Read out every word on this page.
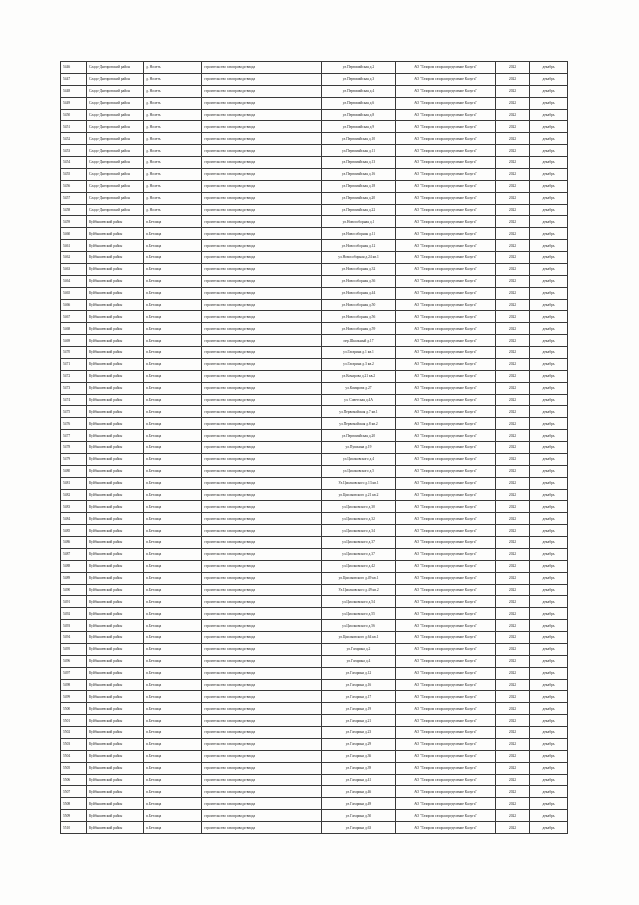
5446	Сладо-Днепровский район	д. Нолеть	строительство газопровода-ввода	ул.Первомайская д.2	АО "Газпром газораспределение Калуга"	2022	декабрь
5447	Сладо-Днепровский район	д. Нолеть	строительство газопровода-ввода	ул.Первомайская д.3	АО "Газпром газораспределение Калуга"	2022	декабрь
5448	Сладо-Днепровский район	д. Нолеть	строительство газопровода-ввода	ул.Первомайская д.4	АО "Газпром газораспределение Калуга"	2022	декабрь
5449	Сладо-Днепровский район	д. Нолеть	строительство газопровода-ввода	ул.Первомайская д.6	АО "Газпром газораспределение Калуга"	2022	декабрь
5450	Сладо-Днепровский район	д. Нолеть	строительство газопровода-ввода	ул.Первомайская д.8	АО "Газпром газораспределение Калуга"	2022	декабрь
5451	Сладо-Днепровский район	д. Нолеть	строительство газопровода-ввода	ул.Первомайская д.9	АО "Газпром газораспределение Калуга"	2022	декабрь
5452	Сладо-Днепровский район	д. Нолеть	строительство газопровода-ввода	ул.Первомайская д.10	АО "Газпром газораспределение Калуга"	2022	декабрь
5453	Сладо-Днепровский район	д. Нолеть	строительство газопровода-ввода	ул.Первомайская д.11	АО "Газпром газораспределение Калуга"	2022	декабрь
5454	Сладо-Днепровский район	д. Нолеть	строительство газопровода-ввода	ул.Первомайская д.13	АО "Газпром газораспределение Калуга"	2022	декабрь
5455	Сладо-Днепровский район	д. Нолеть	строительство газопровода-ввода	ул.Первомайская д.16	АО "Газпром газораспределение Калуга"	2022	декабрь
5456	Сладо-Днепровский район	д. Нолеть	строительство газопровода-ввода	ул.Первомайская д.18	АО "Газпром газораспределение Калуга"	2022	декабрь
5457	Сладо-Днепровский район	д. Нолеть	строительство газопровода-ввода	ул.Первомайская д.20	АО "Газпром газораспределение Калуга"	2022	декабрь
5458	Сладо-Днепровский район	д. Нолеть	строительство газопровода-ввода	ул.Первомайская д.22	АО "Газпром газораспределение Калуга"	2022	декабрь
5459	Куйбышевский район	п.Бетлица	строительство газопровода-ввода	ул.Новособорная д.1	АО "Газпром газораспределение Калуга"	2022	декабрь
5460	Куйбышевский район	п.Бетлица	строительство газопровода-ввода	ул.Новособорная д.11	АО "Газпром газораспределение Калуга"	2022	декабрь
5461	Куйбышевский район	п.Бетлица	строительство газопровода-ввода	ул.Новособорная д.12	АО "Газпром газораспределение Калуга"	2022	декабрь
5462	Куйбышевский район	п.Бетлица	строительство газопровода-ввода	ул.Новособорная д.24 кв.1	АО "Газпром газораспределение Калуга"	2022	декабрь
5463	Куйбышевский район	п.Бетлица	строительство газопровода-ввода	ул.Новособорная д.32	АО "Газпром газораспределение Калуга"	2022	декабрь
5464	Куйбышевский район	п.Бетлица	строительство газопровода-ввода	ул.Новособорная д.36	АО "Газпром газораспределение Калуга"	2022	декабрь
5465	Куйбышевский район	п.Бетлица	строительство газопровода-ввода	ул.Новособорная д.44	АО "Газпром газораспределение Калуга"	2022	декабрь
5466	Куйбышевский район	п.Бетлица	строительство газопровода-ввода	ул.Новособорная д.50	АО "Газпром газораспределение Калуга"	2022	декабрь
5467	Куйбышевский район	п.Бетлица	строительство газопровода-ввода	ул.Новособорная д.56	АО "Газпром газораспределение Калуга"	2022	декабрь
5468	Куйбышевский район	п.Бетлица	строительство газопровода-ввода	ул.Новособорная д.59	АО "Газпром газораспределение Калуга"	2022	декабрь
5469	Куйбышевский район	п.Бетлица	строительство газопровода-ввода	пер.Школьный д.17	АО "Газпром газораспределение Калуга"	2022	декабрь
5470	Куйбышевский район	п.Бетлица	строительство газопровода-ввода	ул.Гагарина д.1 кв.1	АО "Газпром газораспределение Калуга"	2022	декабрь
5471	Куйбышевский район	п.Бетлица	строительство газопровода-ввода	ул.Гагарина д.3 кв.2	АО "Газпром газораспределение Калуга"	2022	декабрь
5472	Куйбышевский район	п.Бетлица	строительство газопровода-ввода	ул.Комарова д.21 кв.2	АО "Газпром газораспределение Калуга"	2022	декабрь
5473	Куйбышевский район	п.Бетлица	строительство газопровода-ввода	ул.Комарова д.27	АО "Газпром газораспределение Калуга"	2022	декабрь
5474	Куйбышевский район	п.Бетлица	строительство газопровода-ввода	ул. Советская д.4А	АО "Газпром газораспределение Калуга"	2022	декабрь
5475	Куйбышевский район	п.Бетлица	строительство газопровода-ввода	ул.Первомайская д.7 кв.1	АО "Газпром газораспределение Калуга"	2022	декабрь
5476	Куйбышевский район	п.Бетлица	строительство газопровода-ввода	ул.Первомайская д.8 кв.2	АО "Газпром газораспределение Калуга"	2022	декабрь
5477	Куйбышевский район	п.Бетлица	строительство газопровода-ввода	ул.Первомайская д.20	АО "Газпром газораспределение Калуга"	2022	декабрь
5478	Куйбышевский район	п.Бетлица	строительство газопровода-ввода	ул.Пушкина д.19	АО "Газпром газораспределение Калуга"	2022	декабрь
5479	Куйбышевский район	п.Бетлица	строительство газопровода-ввода	ул.Циолковского д.4	АО "Газпром газораспределение Калуга"	2022	декабрь
5480	Куйбышевский район	п.Бетлица	строительство газопровода-ввода	ул.Циолковского д.5	АО "Газпром газораспределение Калуга"	2022	декабрь
5481	Куйбышевский район	п.Бетлица	строительство газопровода-ввода	Ул.Циолковского д.13 кв.1	АО "Газпром газораспределение Калуга"	2022	декабрь
5482	Куйбышевский район	п.Бетлица	строительство газопровода-ввода	ул.Циолковского д.21 кв.2	АО "Газпром газораспределение Калуга"	2022	декабрь
5483	Куйбышевский район	п.Бетлица	строительство газопровода-ввода	ул.Циолковского д.30	АО "Газпром газораспределение Калуга"	2022	декабрь
5484	Куйбышевский район	п.Бетлица	строительство газопровода-ввода	ул.Циолковского д.32	АО "Газпром газораспределение Калуга"	2022	декабрь
5485	Куйбышевский район	п.Бетлица	строительство газопровода-ввода	ул.Циолковского д.34	АО "Газпром газораспределение Калуга"	2022	декабрь
5486	Куйбышевский район	п.Бетлица	строительство газопровода-ввода	ул.Циолковского д.37	АО "Газпром газораспределение Калуга"	2022	декабрь
5487	Куйбышевский район	п.Бетлица	строительство газопровода-ввода	ул.Циолковского д.37	АО "Газпром газораспределение Калуга"	2022	декабрь
5488	Куйбышевский район	п.Бетлица	строительство газопровода-ввода	ул.Циолковского д.42	АО "Газпром газораспределение Калуга"	2022	декабрь
5489	Куйбышевский район	п.Бетлица	строительство газопровода-ввода	ул.Циолковского д.49 кв.1	АО "Газпром газораспределение Калуга"	2022	декабрь
5490	Куйбышевский район	п.Бетлица	строительство газопровода-ввода	Ул.Циолковского д.49 кв.2	АО "Газпром газораспределение Калуга"	2022	декабрь
5491	Куйбышевский район	п.Бетлица	строительство газопровода-ввода	ул.Циолковского д.54	АО "Газпром газораспределение Калуга"	2022	декабрь
5492	Куйбышевский район	п.Бетлица	строительство газопровода-ввода	ул.Циолковского д.55	АО "Газпром газораспределение Калуга"	2022	декабрь
5493	Куйбышевский район	п.Бетлица	строительство газопровода-ввода	ул.Циолковского д.56	АО "Газпром газораспределение Калуга"	2022	декабрь
5494	Куйбышевский район	п.Бетлица	строительство газопровода-ввода	ул.Циолковского д.64 кв.1	АО "Газпром газораспределение Калуга"	2022	декабрь
5495	Куйбышевский район	п.Бетлица	строительство газопровода-ввода	ул.Гагарина д.2	АО "Газпром газораспределение Калуга"	2022	декабрь
5496	Куйбышевский район	п.Бетлица	строительство газопровода-ввода	ул.Гагарина д.4	АО "Газпром газораспределение Калуга"	2022	декабрь
5497	Куйбышевский район	п.Бетлица	строительство газопровода-ввода	ул.Гагарина д.12	АО "Газпром газораспределение Калуга"	2022	декабрь
5498	Куйбышевский район	п.Бетлица	строительство газопровода-ввода	ул.Гагарина д.16	АО "Газпром газораспределение Калуга"	2022	декабрь
5499	Куйбышевский район	п.Бетлица	строительство газопровода-ввода	ул.Гагарина д.17	АО "Газпром газораспределение Калуга"	2022	декабрь
5500	Куйбышевский район	п.Бетлица	строительство газопровода-ввода	ул.Гагарина д.19	АО "Газпром газораспределение Калуга"	2022	декабрь
5501	Куйбышевский район	п.Бетлица	строительство газопровода-ввода	ул.Гагарина д.21	АО "Газпром газораспределение Калуга"	2022	декабрь
5502	Куйбышевский район	п.Бетлица	строительство газопровода-ввода	ул.Гагарина д.23	АО "Газпром газораспределение Калуга"	2022	декабрь
5503	Куйбышевский район	п.Бетлица	строительство газопровода-ввода	ул.Гагарина д.29	АО "Газпром газораспределение Калуга"	2022	декабрь
5504	Куйбышевский район	п.Бетлица	строительство газопровода-ввода	ул.Гагарина д.36	АО "Газпром газораспределение Калуга"	2022	декабрь
5505	Куйбышевский район	п.Бетлица	строительство газопровода-ввода	ул.Гагарина д.39	АО "Газпром газораспределение Калуга"	2022	декабрь
5506	Куйбышевский район	п.Бетлица	строительство газопровода-ввода	ул.Гагарина д.41	АО "Газпром газораспределение Калуга"	2022	декабрь
5507	Куйбышевский район	п.Бетлица	строительство газопровода-ввода	ул.Гагарина д.46	АО "Газпром газораспределение Калуга"	2022	декабрь
5508	Куйбышевский район	п.Бетлица	строительство газопровода-ввода	ул.Гагарина д.49	АО "Газпром газораспределение Калуга"	2022	декабрь
5509	Куйбышевский район	п.Бетлица	строительство газопровода-ввода	ул.Гагарина д.50	АО "Газпром газораспределение Калуга"	2022	декабрь
5510	Куйбышевский район	п.Бетлица	строительство газопровода-ввода	ул.Гагарина д.63	АО "Газпром газораспределение Калуга"	2022	декабрь
